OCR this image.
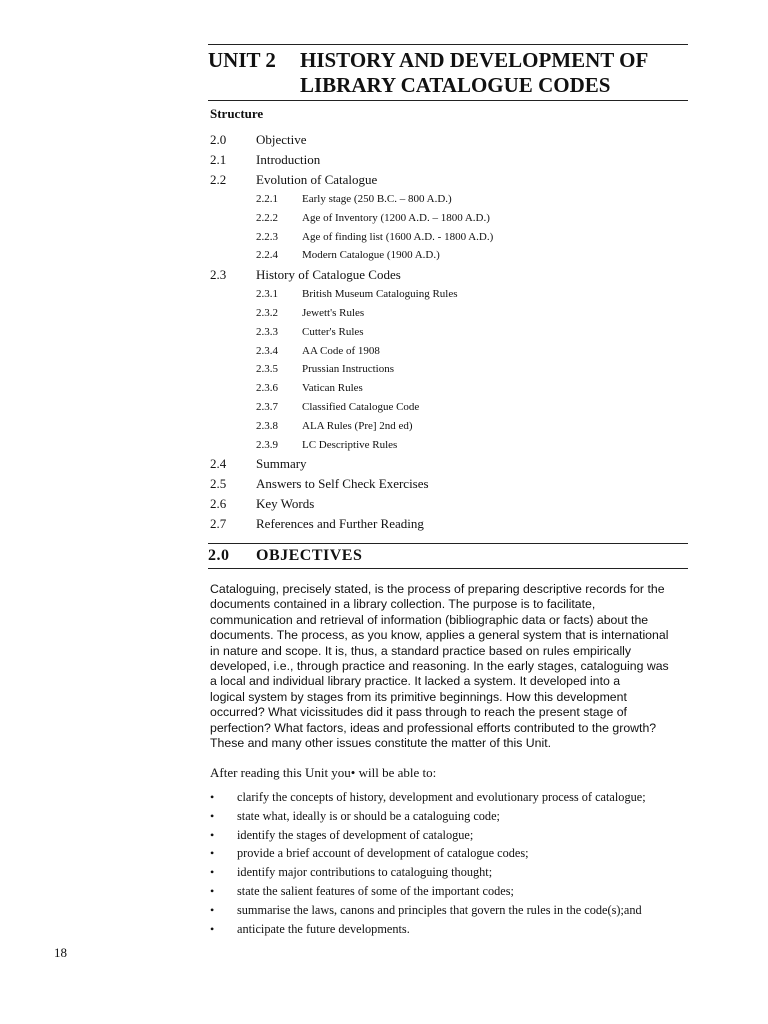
UNIT 2	HISTORY AND DEVELOPMENT OF
LIBRARY CATALOGUE CODES
Structure
2.0	Objective
2.1	Introduction
2.2	Evolution of Catalogue
2.2.1	Early stage (250 B.C. – 800 A.D.)
2.2.2	Age of Inventory (1200 A.D. – 1800 A.D.)
2.2.3	Age of finding list (1600 A.D. - 1800 A.D.)
2.2.4	Modern Catalogue (1900 A.D.)
2.3	History of Catalogue Codes
2.3.1	British Museum Cataloguing Rules
2.3.2	Jewett's Rules
2.3.3	Cutter's Rules
2.3.4	AA Code of 1908
2.3.5	Prussian Instructions
2.3.6	Vatican Rules
2.3.7	Classified Catalogue Code
2.3.8	ALA Rules (Pre] 2nd ed)
2.3.9	LC Descriptive Rules
2.4	Summary
2.5	Answers to Self Check Exercises
2.6	Key Words
2.7	References and Further Reading
2.0	OBJECTIVES
Cataloguing, precisely stated, is the process of preparing descriptive records for the
documents contained in a library collection. The purpose is to facilitate,
communication and retrieval of information (bibliographic data or facts) about the
documents. The process, as you know, applies a general system that is international
in nature and scope. It is, thus, a standard practice based on rules empirically
developed, i.e., through practice and reasoning. In the early stages, cataloguing was
a local and individual library practice. It lacked a system. It developed into a
logical system by stages from its primitive beginnings. How this development
occurred? What vicissitudes did it pass through to reach the present stage of
perfection? What factors, ideas and professional efforts contributed to the growth?
These and many other issues constitute the matter of this Unit.
After reading this Unit you• will be able to:
•	clarify the concepts of history, development and evolutionary process of catalogue;
•	state what, ideally is or should be a cataloguing code;
•	identify the stages of development of catalogue;
•	provide a brief account of development of catalogue codes;
•	identify major contributions to cataloguing thought;
•	state the salient features of some of the important codes;
•	summarise the laws, canons and principles that govern the rules in the code(s);and
•	anticipate the future developments.
18
